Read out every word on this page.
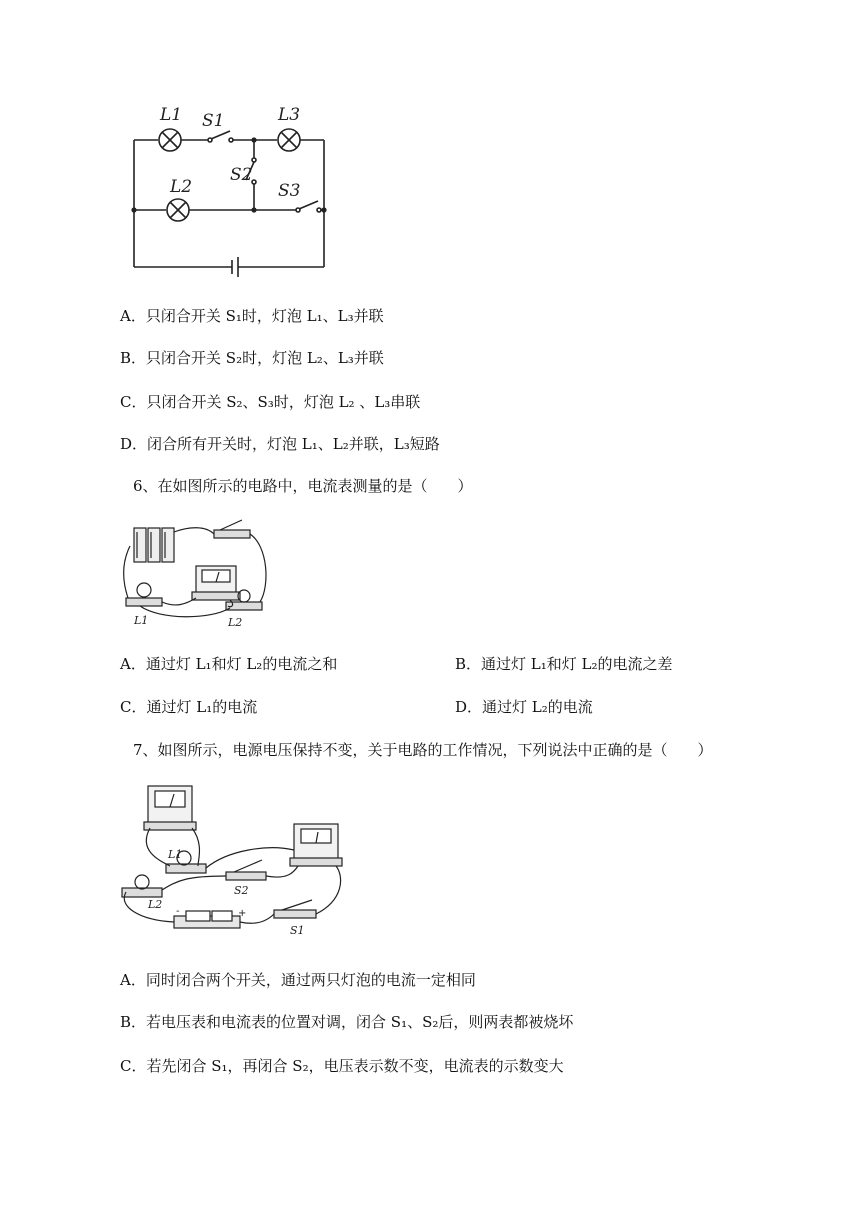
L1 S1	L3
S2
L2	S3
A．只闭合开关 S₁时，灯泡 L₁、L₃并联
B．只闭合开关 S₂时，灯泡 L₂、L₃并联
C．只闭合开关 S₂、S₃时，灯泡 L₂ 、L₃串联
D．闭合所有开关时，灯泡 L₁、L₂并联，L₃短路
6、在如图所示的电路中，电流表测量的是（　　）
L1	L2
A．通过灯 L₁和灯 L₂的电流之和	B．通过灯 L₁和灯 L₂的电流之差
C．通过灯 L₁的电流	D．通过灯 L₂的电流
7、如图所示，电源电压保持不变，关于电路的工作情况，下列说法中正确的是（　　）
+
-
L1
S2
L2
S1
A．同时闭合两个开关，通过两只灯泡的电流一定相同
B．若电压表和电流表的位置对调，闭合 S₁、S₂后，则两表都被烧坏
C．若先闭合 S₁，再闭合 S₂，电压表示数不变，电流表的示数变大
